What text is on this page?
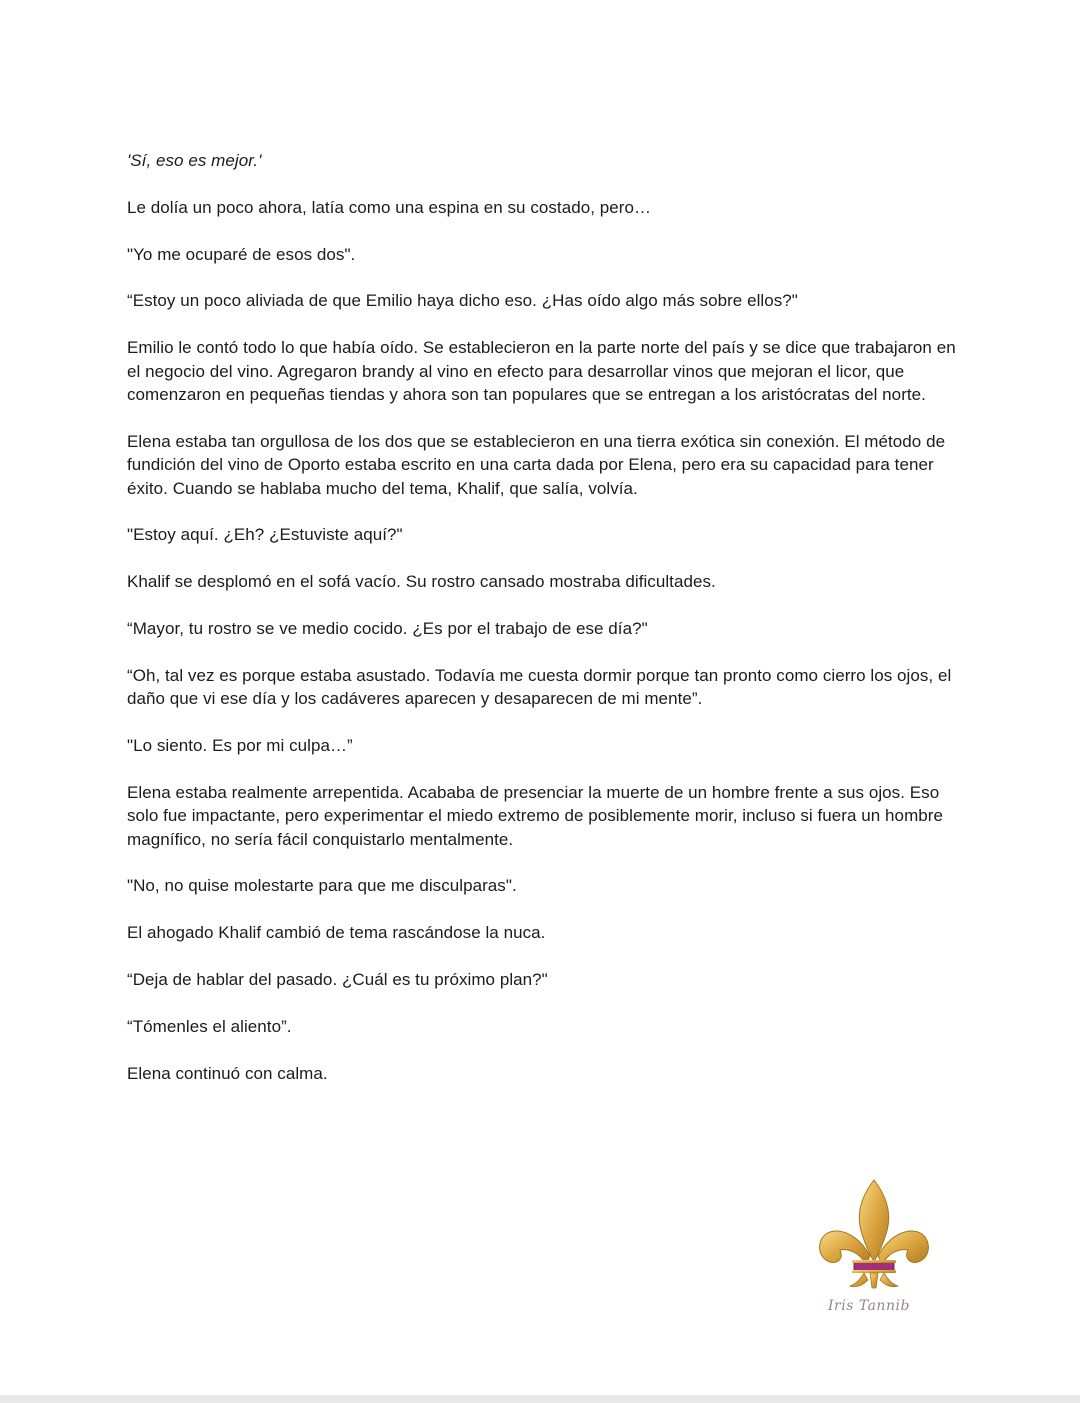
'Sí, eso es mejor.'

Le dolía un poco ahora, latía como una espina en su costado, pero…

"Yo me ocuparé de esos dos".

“Estoy un poco aliviada de que Emilio haya dicho eso. ¿Has oído algo más sobre ellos?"

Emilio le contó todo lo que había oído. Se establecieron en la parte norte del país y se dice que trabajaron en el negocio del vino. Agregaron brandy al vino en efecto para desarrollar vinos que mejoran el licor, que comenzaron en pequeñas tiendas y ahora son tan populares que se entregan a los aristócratas del norte.

Elena estaba tan orgullosa de los dos que se establecieron en una tierra exótica sin conexión. El método de fundición del vino de Oporto estaba escrito en una carta dada por Elena, pero era su capacidad para tener éxito. Cuando se hablaba mucho del tema, Khalif, que salía, volvía.

"Estoy aquí. ¿Eh? ¿Estuviste aquí?"

Khalif se desplomó en el sofá vacío. Su rostro cansado mostraba dificultades.

“Mayor, tu rostro se ve medio cocido. ¿Es por el trabajo de ese día?"

“Oh, tal vez es porque estaba asustado. Todavía me cuesta dormir porque tan pronto como cierro los ojos, el daño que vi ese día y los cadáveres aparecen y desaparecen de mi mente”.

"Lo siento. Es por mi culpa…”

Elena estaba realmente arrepentida. Acababa de presenciar la muerte de un hombre frente a sus ojos. Eso solo fue impactante, pero experimentar el miedo extremo de posiblemente morir, incluso si fuera un hombre magnífico, no sería fácil conquistarlo mentalmente.

"No, no quise molestarte para que me disculparas".

El ahogado Khalif cambió de tema rascándose la nuca.

“Deja de hablar del pasado. ¿Cuál es tu próximo plan?"

“Tómenles el aliento”.

Elena continuó con calma.

Iris Tannib
